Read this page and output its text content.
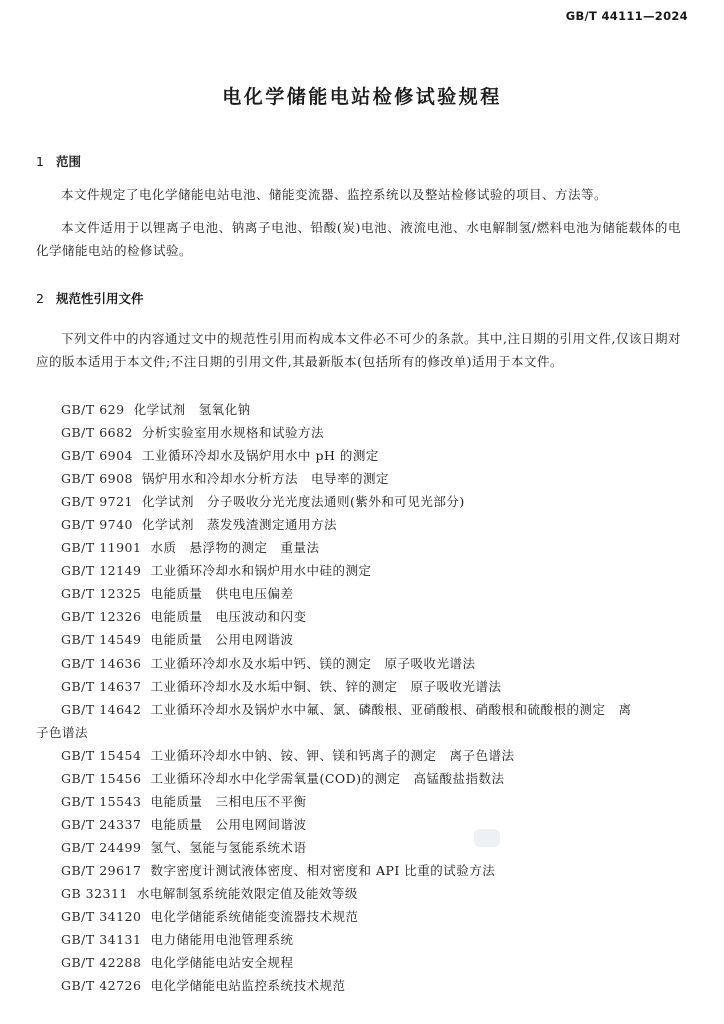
GB/T 44111—2024
电化学储能电站检修试验规程
1 范围
本文件规定了电化学储能电站电池、储能变流器、监控系统以及整站检修试验的项目、方法等。
本文件适用于以锂离子电池、钠离子电池、铅酸(炭)电池、液流电池、水电解制氢/燃料电池为储能载体的电化学储能电站的检修试验。
2 规范性引用文件
下列文件中的内容通过文中的规范性引用而构成本文件必不可少的条款。其中,注日期的引用文件,仅该日期对应的版本适用于本文件;不注日期的引用文件,其最新版本(包括所有的修改单)适用于本文件。
GB/T 629 化学试剂　氢氧化钠
GB/T 6682 分析实验室用水规格和试验方法
GB/T 6904 工业循环冷却水及锅炉用水中 pH 的测定
GB/T 6908 锅炉用水和冷却水分析方法　电导率的测定
GB/T 9721 化学试剂　分子吸收分光光度法通则(紫外和可见光部分)
GB/T 9740 化学试剂　蒸发残渣测定通用方法
GB/T 11901 水质　悬浮物的测定　重量法
GB/T 12149 工业循环冷却水和锅炉用水中硅的测定
GB/T 12325 电能质量　供电电压偏差
GB/T 12326 电能质量　电压波动和闪变
GB/T 14549 电能质量　公用电网谐波
GB/T 14636 工业循环冷却水及水垢中钙、镁的测定　原子吸收光谱法
GB/T 14637 工业循环冷却水及水垢中铜、铁、锌的测定　原子吸收光谱法
GB/T 14642 工业循环冷却水及锅炉水中氟、氯、磷酸根、亚硝酸根、硝酸根和硫酸根的测定　离
子色谱法
GB/T 15454 工业循环冷却水中钠、铵、钾、镁和钙离子的测定　离子色谱法
GB/T 15456 工业循环冷却水中化学需氧量(COD)的测定　高锰酸盐指数法
GB/T 15543 电能质量　三相电压不平衡
GB/T 24337 电能质量　公用电网间谐波
GB/T 24499 氢气、氢能与氢能系统术语
GB/T 29617 数字密度计测试液体密度、相对密度和 API 比重的试验方法
GB 32311 水电解制氢系统能效限定值及能效等级
GB/T 34120 电化学储能系统储能变流器技术规范
GB/T 34131 电力储能用电池管理系统
GB/T 42288 电化学储能电站安全规程
GB/T 42726 电化学储能电站监控系统技术规范
